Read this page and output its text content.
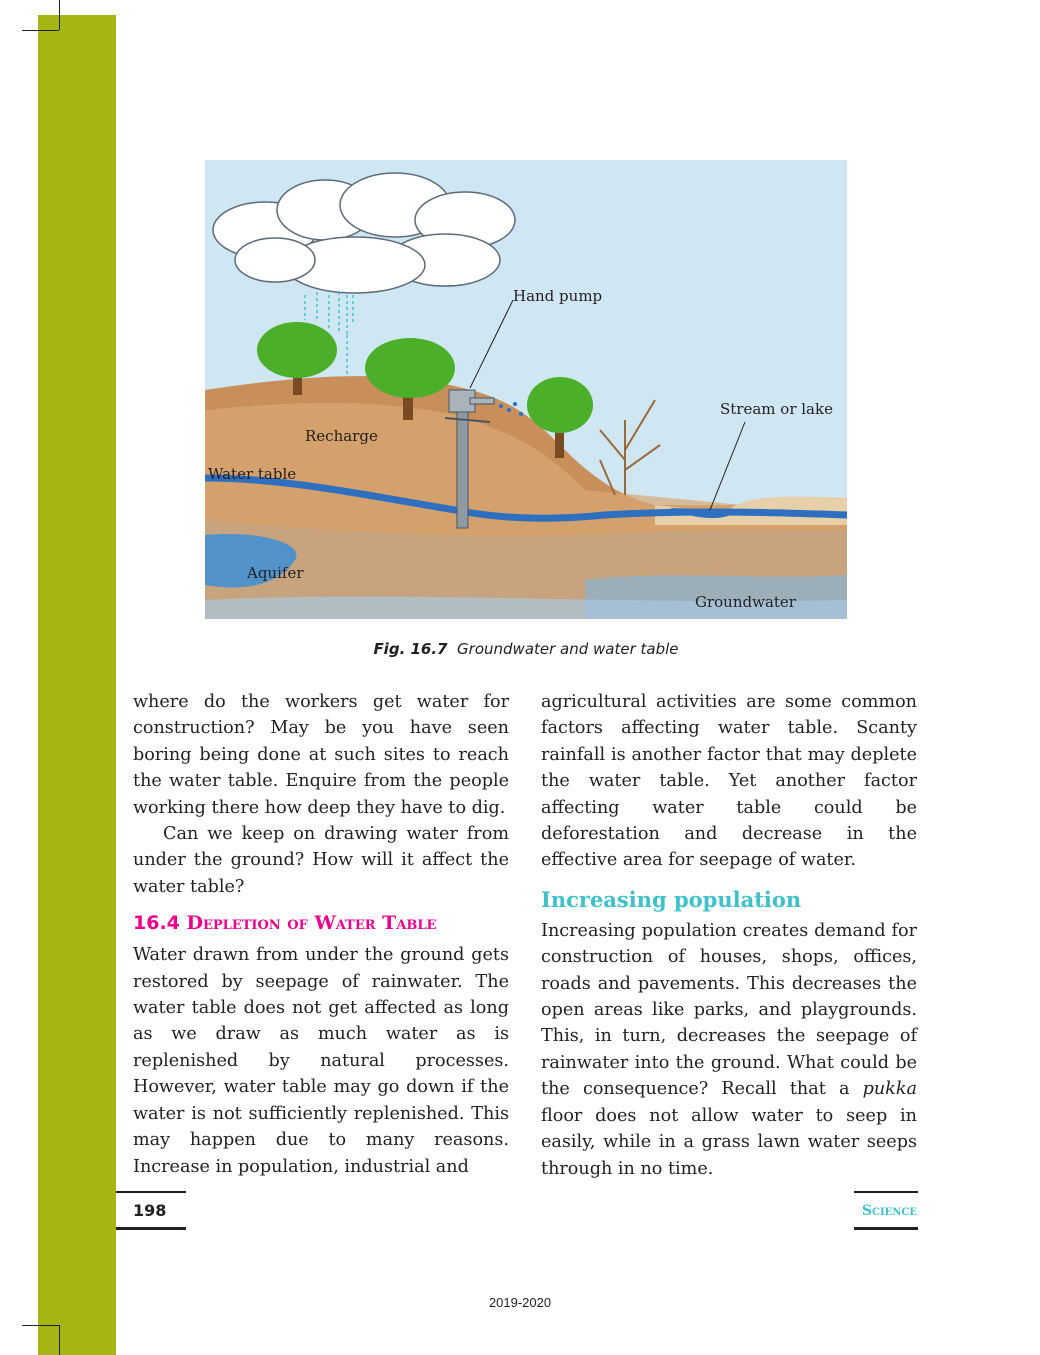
Hand pump
Stream or lake
Recharge
Water table
Aquifer
Groundwater
Fig. 16.7 Groundwater and water table

where do the workers get water for construction? May be you have seen boring being done at such sites to reach the water table. Enquire from the people working there how deep they have to dig.

Can we keep on drawing water from under the ground? How will it affect the water table?

16.4 Depletion of Water Table

Water drawn from under the ground gets restored by seepage of rainwater. The water table does not get affected as long as we draw as much water as is replenished by natural processes. However, water table may go down if the water is not sufficiently replenished. This may happen due to many reasons. Increase in population, industrial and

agricultural activities are some common factors affecting water table. Scanty rainfall is another factor that may deplete the water table. Yet another factor affecting water table could be deforestation and decrease in the effective area for seepage of water.

Increasing population

Increasing population creates demand for construction of houses, shops, offices, roads and pavements. This decreases the open areas like parks, and playgrounds. This, in turn, decreases the seepage of rainwater into the ground. What could be the consequence? Recall that a pukka floor does not allow water to seep in easily, while in a grass lawn water seeps through in no time.

198	Science
2019-2020
